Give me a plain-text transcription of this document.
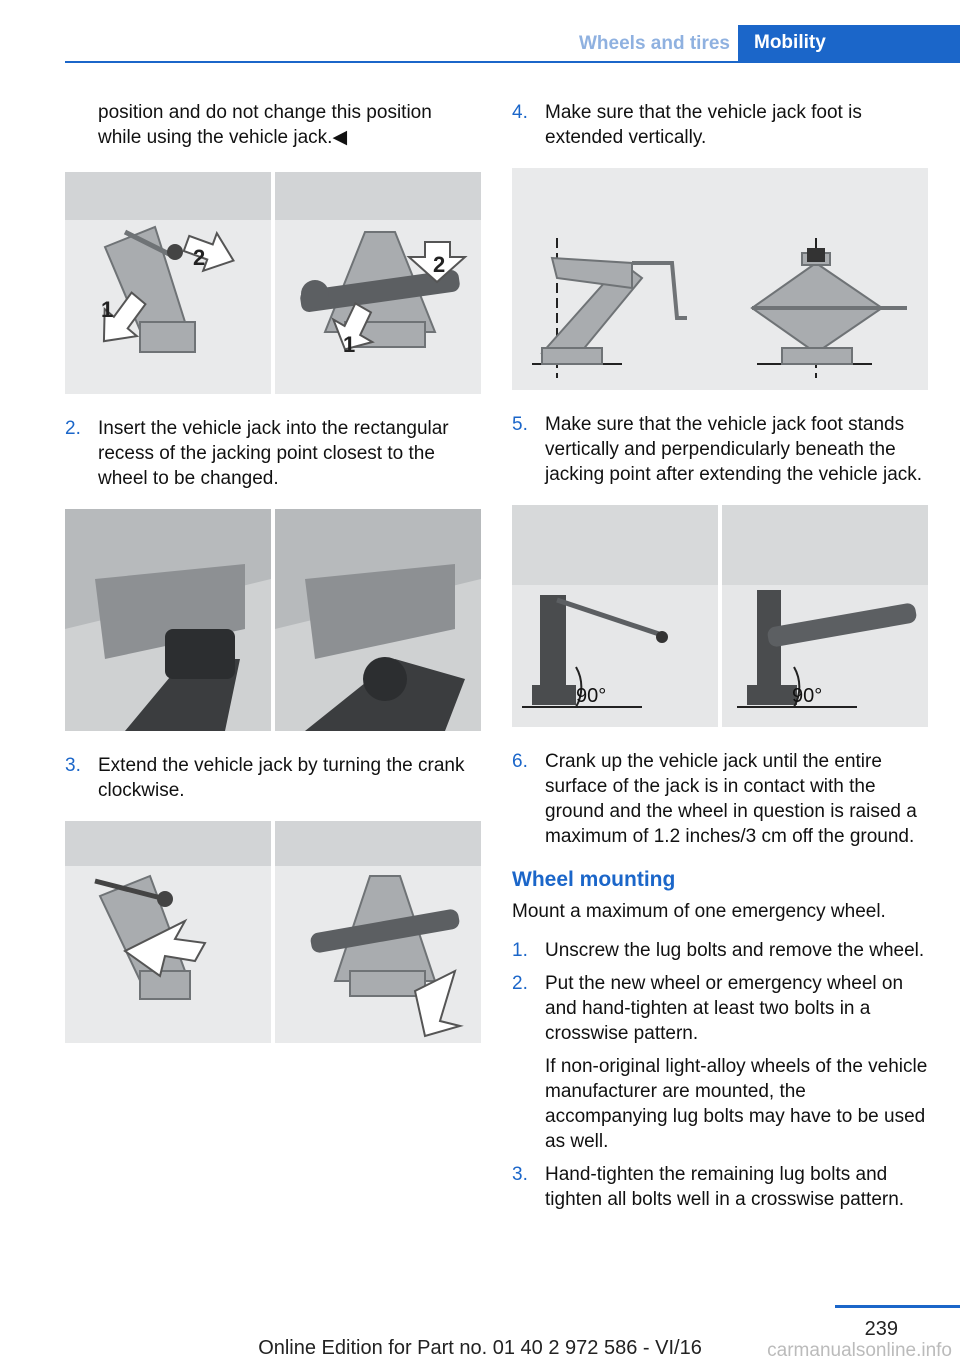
Wheels and tires	Mobility

position and do not change this position while using the vehicle jack.◀

1
2	2
1
2. Insert the vehicle jack into the rectangular recess of the jacking point closest to the wheel to be changed.
3. Extend the vehicle jack by turning the crank clockwise.
4. Make sure that the vehicle jack foot is extended vertically.
5. Make sure that the vehicle jack foot stands vertically and perpendicularly beneath the jacking point after extending the vehicle jack.
90°	90°
6. Crank up the vehicle jack until the entire surface of the jack is in contact with the ground and the wheel in question is raised a maximum of 1.2 inches/3 cm off the ground.
Wheel mounting

Mount a maximum of one emergency wheel.

1. Unscrew the lug bolts and remove the wheel.
2. Put the new wheel or emergency wheel on and hand-tighten at least two bolts in a crosswise pattern.

If non-original light-alloy wheels of the vehicle manufacturer are mounted, the accompanying lug bolts may have to be used as well.

3. Hand-tighten the remaining lug bolts and tighten all bolts well in a crosswise pattern.
239
Online Edition for Part no. 01 40 2 972 586 - VI/16	carmanualsonline.info
